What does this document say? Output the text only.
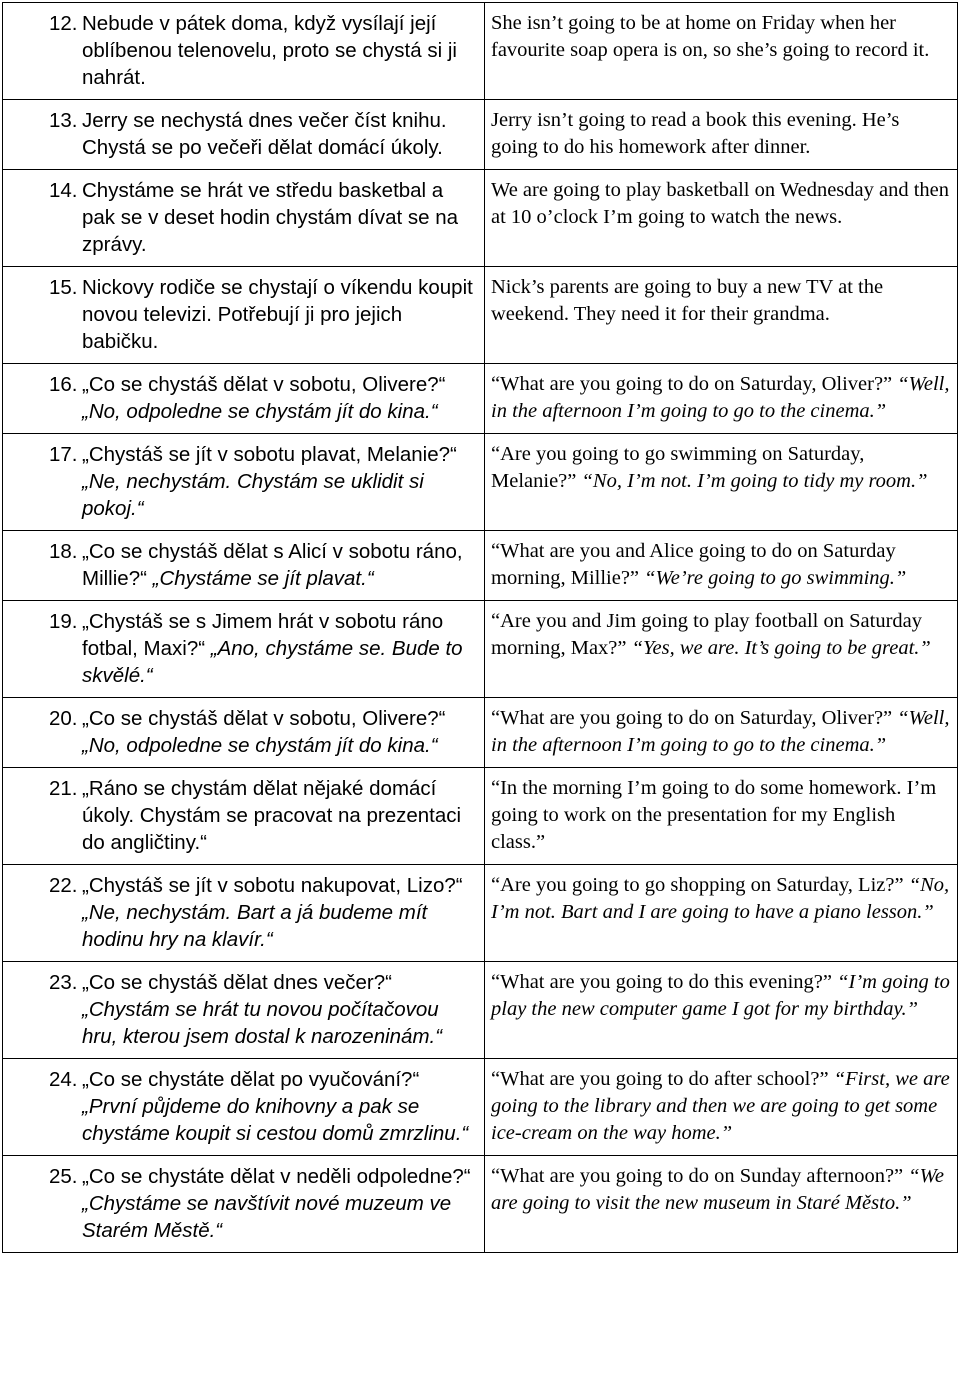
12. Nebude v pátek doma, když vysílají její oblíbenou telenovelu, proto se chystá si ji nahrát.	She isn’t going to be at home on Friday when her favourite soap opera is on, so she’s going to record it.

13. Jerry se nechystá dnes večer číst knihu. Chystá se po večeři dělat domácí úkoly.	Jerry isn’t going to read a book this evening. He’s going to do his homework after dinner.

14. Chystáme se hrát ve středu basketbal a pak se v deset hodin chystám dívat se na zprávy.	We are going to play basketball on Wednesday and then at 10 o’clock I’m going to watch the news.

15. Nickovy rodiče se chystají o víkendu koupit novou televizi. Potřebují ji pro jejich babičku.	Nick’s parents are going to buy a new TV at the weekend. They need it for their grandma.

16. „Co se chystáš dělat v sobotu, Olivere?“ „No, odpoledne se chystám jít do kina.“	“What are you going to do on Saturday, Oliver?” “Well, in the afternoon I’m going to go to the cinema.”

17. „Chystáš se jít v sobotu plavat, Melanie?“ „Ne, nechystám. Chystám se uklidit si pokoj.“	“Are you going to go swimming on Saturday, Melanie?” “No, I’m not. I’m going to tidy my room.”

18. „Co se chystáš dělat s Alicí v sobotu ráno, Millie?“ „Chystáme se jít plavat.“	“What are you and Alice going to do on Saturday morning, Millie?” “We’re going to go swimming.”

19. „Chystáš se s Jimem hrát v sobotu ráno fotbal, Maxi?“ „Ano, chystáme se. Bude to skvělé.“	“Are you and Jim going to play football on Saturday morning, Max?” “Yes, we are. It’s going to be great.”

20. „Co se chystáš dělat v sobotu, Olivere?“ „No, odpoledne se chystám jít do kina.“	“What are you going to do on Saturday, Oliver?” “Well, in the afternoon I’m going to go to the cinema.”

21. „Ráno se chystám dělat nějaké domácí úkoly. Chystám se pracovat na prezentaci do angličtiny.“	“In the morning I’m going to do some homework. I’m going to work on the presentation for my English class.”

22. „Chystáš se jít v sobotu nakupovat, Lizo?“ „Ne, nechystám. Bart a já budeme mít hodinu hry na klavír.“	“Are you going to go shopping on Saturday, Liz?” “No, I’m not. Bart and I are going to have a piano lesson.”

23. „Co se chystáš dělat dnes večer?“ „Chystám se hrát tu novou počítačovou hru, kterou jsem dostal k narozeninám.“	“What are you going to do this evening?” “I’m going to play the new computer game I got for my birthday.”

24. „Co se chystáte dělat po vyučování?“ „První půjdeme do knihovny a pak se chystáme koupit si cestou domů zmrzlinu.“	“What are you going to do after school?” “First, we are going to the library and then we are going to get some ice-cream on the way home.”

25. „Co se chystáte dělat v neděli odpoledne?“ „Chystáme se navštívit nové muzeum ve Starém Městě.“	“What are you going to do on Sunday afternoon?” “We are going to visit the new museum in Staré Město.”
